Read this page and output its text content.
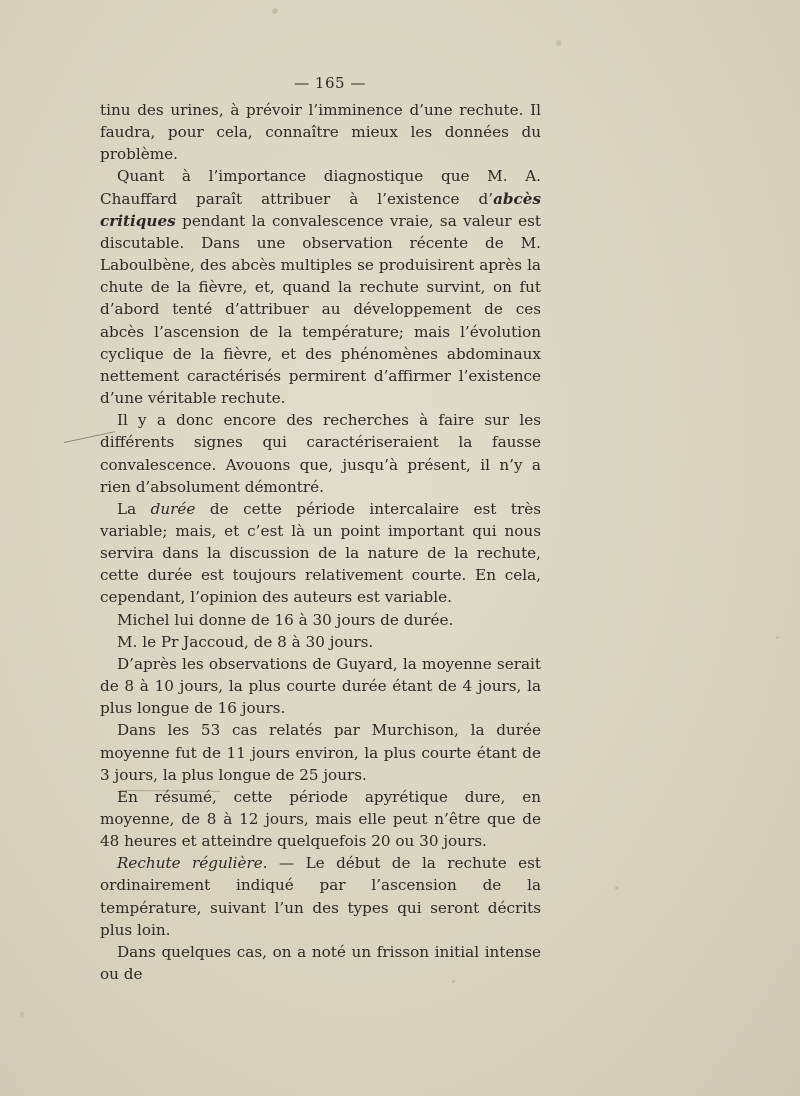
— 165 —

tinu des urines, à prévoir l’imminence d’une rechute. Il faudra, pour cela, connaître mieux les données du problème.

Quant à l’importance diagnostique que M. A. Chauffard paraît attribuer à l’existence d’abcès critiques pendant la convalescence vraie, sa valeur est discutable. Dans une observation récente de M. Laboulbène, des abcès multiples se produisirent après la chute de la fièvre, et, quand la rechute survint, on fut d’abord tenté d’attribuer au développement de ces abcès l’ascension de la température; mais l’évolution cyclique de la fièvre, et des phénomènes abdominaux nettement caractérisés permirent d’affirmer l’existence d’une véritable rechute.

Il y a donc encore des recherches à faire sur les différents signes qui caractériseraient la fausse convalescence. Avouons que, jusqu’à présent, il n’y a rien d’absolument démontré.

La durée de cette période intercalaire est très variable; mais, et c’est là un point important qui nous servira dans la discussion de la nature de la rechute, cette durée est toujours relativement courte. En cela, cependant, l’opinion des auteurs est variable.

Michel lui donne de 16 à 30 jours de durée.

M. le Pr Jaccoud, de 8 à 30 jours.

D’après les observations de Guyard, la moyenne serait de 8 à 10 jours, la plus courte durée étant de 4 jours, la plus longue de 16 jours.

Dans les 53 cas relatés par Murchison, la durée moyenne fut de 11 jours environ, la plus courte étant de 3 jours, la plus longue de 25 jours.

En résumé, cette période apyrétique dure, en moyenne, de 8 à 12 jours, mais elle peut n’être que de 48 heures et atteindre quelquefois 20 ou 30 jours.

Rechute régulière. — Le début de la rechute est ordinairement indiqué par l’ascension de la température, suivant l’un des types qui seront décrits plus loin.

Dans quelques cas, on a noté un frisson initial intense ou de
